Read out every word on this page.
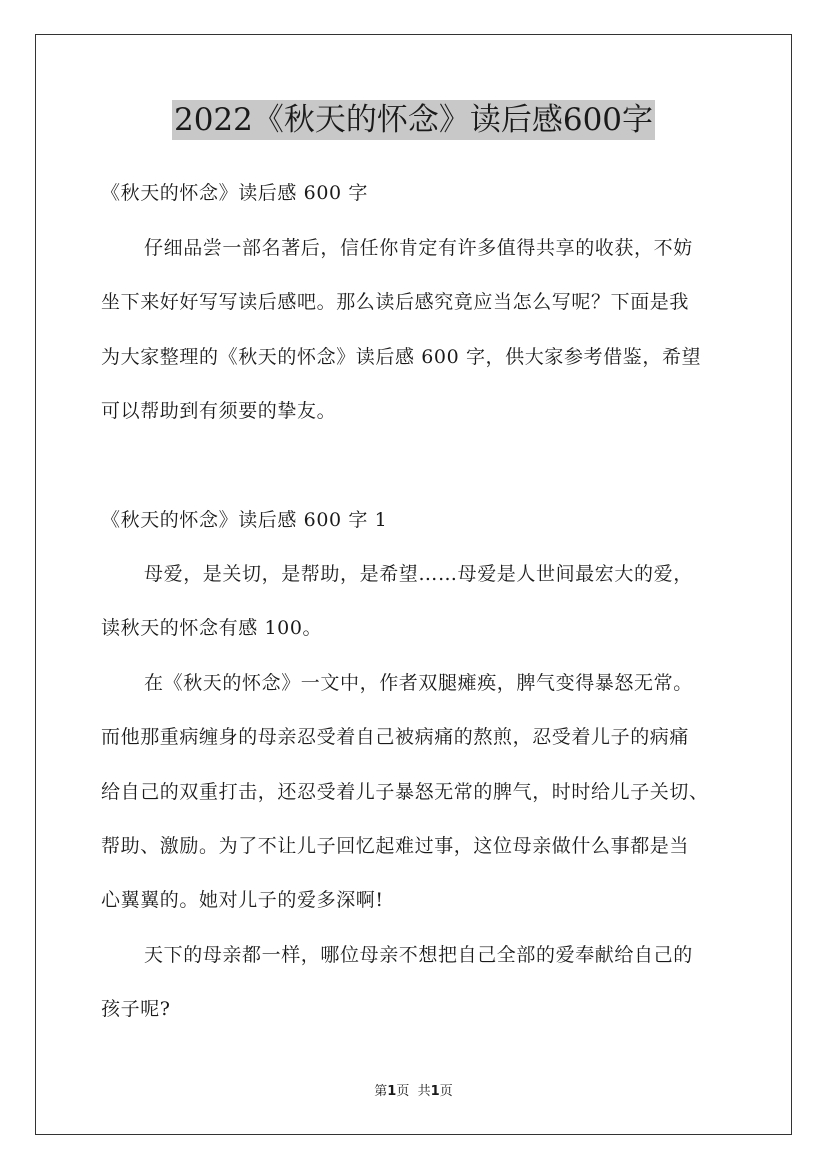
2022《秋天的怀念》读后感600字
《秋天的怀念》读后感 600 字
仔细品尝一部名著后，信任你肯定有许多值得共享的收获，不妨
坐下来好好写写读后感吧。那么读后感究竟应当怎么写呢？下面是我
为大家整理的《秋天的怀念》读后感 600 字，供大家参考借鉴，希望
可以帮助到有须要的挚友。
《秋天的怀念》读后感 600 字 1
母爱，是关切，是帮助，是希望……母爱是人世间最宏大的爱，
读秋天的怀念有感 100。
在《秋天的怀念》一文中，作者双腿瘫痪，脾气变得暴怒无常。
而他那重病缠身的母亲忍受着自己被病痛的熬煎，忍受着儿子的病痛
给自己的双重打击，还忍受着儿子暴怒无常的脾气，时时给儿子关切、
帮助、激励。为了不让儿子回忆起难过事，这位母亲做什么事都是当
心翼翼的。她对儿子的爱多深啊!
天下的母亲都一样，哪位母亲不想把自己全部的爱奉献给自己的
孩子呢?
第1页 共1页
